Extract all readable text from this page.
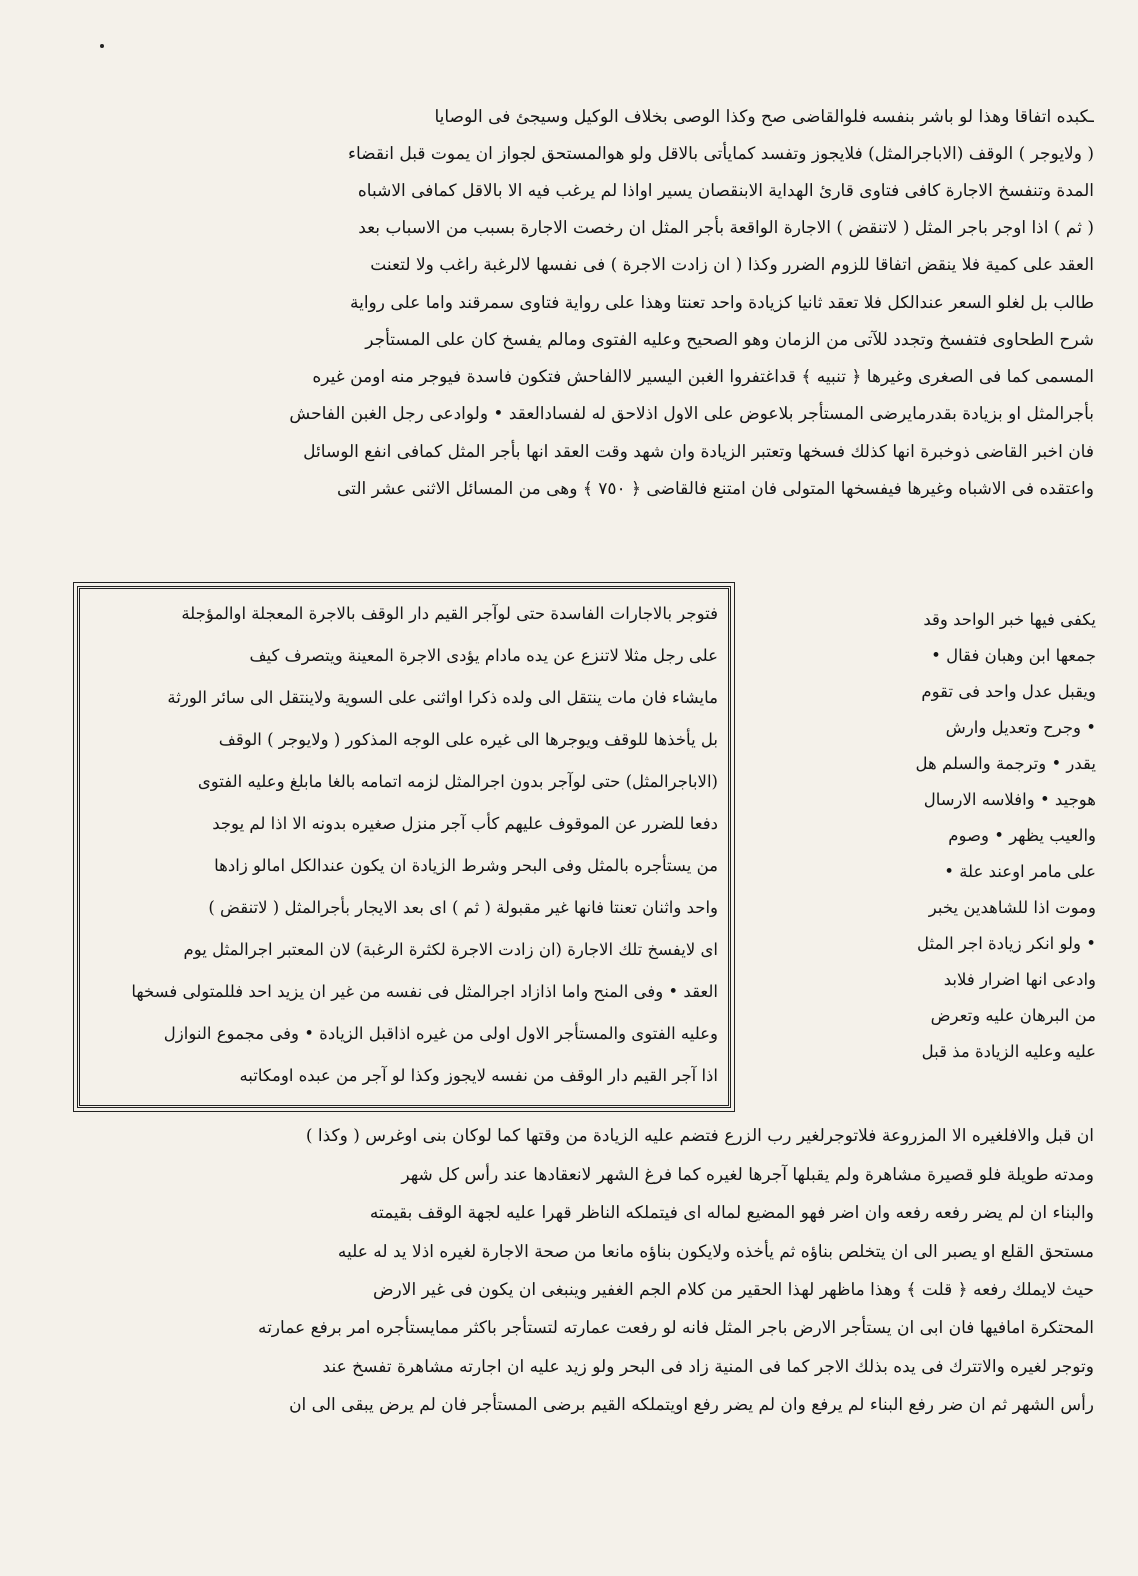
ـكبده اتفاقا وهذا لو باشر بنفسه فلوالقاضى صح وكذا الوصى بخلاف الوكيل وسيجئ فى الوصايا
( ولايوجر ) الوقف (الاباجرالمثل) فلايجوز وتفسد كمايأتى بالاقل ولو هوالمستحق لجواز ان يموت قبل انقضاء
المدة وتنفسخ الاجارة كافى فتاوى قارئ الهداية الابنقصان يسير اواذا لم يرغب فيه الا بالاقل كمافى الاشباه
( ثم ) اذا اوجر باجر المثل ( لاتنقض ) الاجارة الواقعة بأجر المثل ان رخصت الاجارة بسبب من الاسباب بعد
العقد على كمية فلا ينقض اتفاقا للزوم الضرر وكذا ( ان زادت الاجرة ) فى نفسها لالرغبة راغب ولا لتعنت
طالب بل لغلو السعر عندالكل فلا تعقد ثانيا كزيادة واحد تعنتا وهذا على رواية فتاوى سمرقند واما على رواية
شرح الطحاوى فتفسخ وتجدد للآتى من الزمان وهو الصحيح وعليه الفتوى ومالم يفسخ كان على المستأجر
المسمى كما فى الصغرى وغيرها ﴿ تنبيه ﴾ قداغتفروا الغبن اليسير لاالفاحش فتكون فاسدة فيوجر منه اومن غيره
بأجرالمثل او بزيادة بقدرمايرضى المستأجر بلاعوض على الاول اذلاحق له لفسادالعقد • ولوادعى رجل الغبن الفاحش
فان اخبر القاضى ذوخبرة انها كذلك فسخها وتعتبر الزيادة وان شهد وقت العقد انها بأجر المثل كمافى انفع الوسائل
واعتقده فى الاشباه وغيرها فيفسخها المتولى فان امتنع فالقاضى ﴿ ٧٥٠ ﴾ وهى من المسائل الاثنى عشر التى
يكفى فيها خبر الواحد وقد
جمعها ابن وهبان فقال •
ويقبل عدل واحد فى تقوم
• وجرح وتعديل وارش
يقدر • وترجمة والسلم هل
هوجيد • وافلاسه الارسال
والعيب يظهر • وصوم
على مامر اوعند علة •
وموت اذا للشاهدين يخبر
• ولو انكر زيادة اجر المثل
وادعى انها اضرار فلابد
من البرهان عليه وتعرض
عليه وعليه الزيادة مذ قبل
فتوجر بالاجارات الفاسدة حتى لوآجر القيم دار الوقف بالاجرة المعجلة اوالمؤجلة
على رجل مثلا لاتنزع عن يده مادام يؤدى الاجرة المعينة ويتصرف كيف
مايشاء فان مات ينتقل الى ولده ذكرا اواثنى على السوية ولاينتقل الى سائر الورثة
بل يأخذها للوقف ويوجرها الى غيره على الوجه المذكور ( ولايوجر ) الوقف
(الاباجرالمثل) حتى لوآجر بدون اجرالمثل لزمه اتمامه بالغا مابلغ وعليه الفتوى
دفعا للضرر عن الموقوف عليهم كأب آجر منزل صغيره بدونه الا اذا لم يوجد
من يستأجره بالمثل وفى البحر وشرط الزيادة ان يكون عندالكل امالو زادها
واحد واثنان تعنتا فانها غير مقبولة ( ثم ) اى بعد الايجار بأجرالمثل ( لاتنقض )
اى لايفسخ تلك الاجارة (ان زادت الاجرة لكثرة الرغبة) لان المعتبر اجرالمثل يوم
العقد • وفى المنح واما اذازاد اجرالمثل فى نفسه من غير ان يزيد احد فللمتولى فسخها
وعليه الفتوى والمستأجر الاول اولى من غيره اذاقبل الزيادة • وفى مجموع النوازل
اذا آجر القيم دار الوقف من نفسه لايجوز وكذا لو آجر من عبده اومكاتبه
ان قبل والافلغيره الا المزروعة فلاتوجرلغير رب الزرع فتضم عليه الزيادة من وقتها كما لوكان بنى اوغرس ( وكذا )
ومدته طويلة فلو قصيرة مشاهرة ولم يقبلها آجرها لغيره كما فرغ الشهر لانعقادها عند رأس كل شهر
والبناء ان لم يضر رفعه رفعه وان اضر فهو المضيع لماله اى فيتملكه الناظر قهرا عليه لجهة الوقف بقيمته
مستحق القلع او يصبر الى ان يتخلص بناؤه ثم يأخذه ولايكون بناؤه مانعا من صحة الاجارة لغيره اذلا يد له عليه
حيث لايملك رفعه ﴿ قلت ﴾ وهذا ماظهر لهذا الحقير من كلام الجم الغفير وينبغى ان يكون فى غير الارض
المحتكرة امافيها فان ابى ان يستأجر الارض باجر المثل فانه لو رفعت عمارته لتستأجر باكثر ممايستأجره امر برفع عمارته
وتوجر لغيره والاتترك فى يده بذلك الاجر كما فى المنية زاد فى البحر ولو زيد عليه ان اجارته مشاهرة تفسخ عند
رأس الشهر ثم ان ضر رفع البناء لم يرفع وان لم يضر رفع اويتملكه القيم برضى المستأجر فان لم يرض يبقى الى ان
